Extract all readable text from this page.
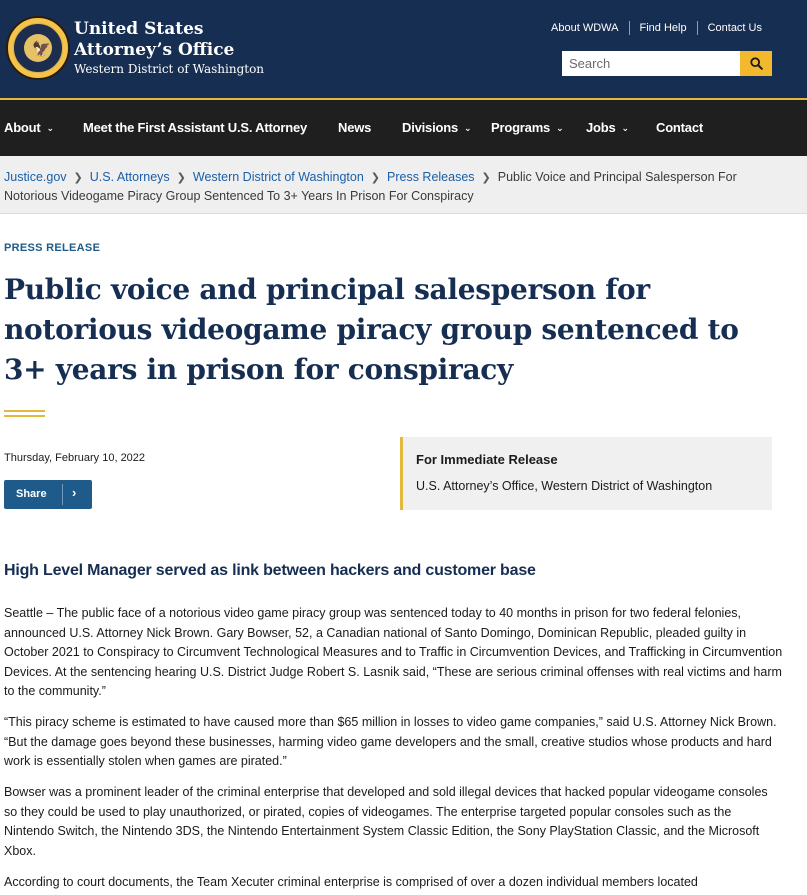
🦅
United States
Attorney’s Office
Western District of Washington
About WDWA	Find Help	Contact Us
Search
About ⌄ Meet the First Assistant U.S. Attorney News Divisions ⌄ Programs ⌄ Jobs ⌄ Contact
Justice.gov ❯ U.S. Attorneys ❯ Western District of Washington ❯ Press Releases ❯ Public Voice and Principal Salesperson For
Notorious Videogame Piracy Group Sentenced To 3+ Years In Prison For Conspiracy
PRESS RELEASE
Public voice and principal salesperson for notorious videogame piracy group sentenced to 3+ years in prison for conspiracy
Thursday, February 10, 2022
Share ›
For Immediate Release
U.S. Attorney’s Office, Western District of Washington
High Level Manager served as link between hackers and customer base

Seattle – The public face of a notorious video game piracy group was sentenced today to 40 months in prison for two federal felonies, announced U.S. Attorney Nick Brown. Gary Bowser, 52, a Canadian national of Santo Domingo, Dominican Republic, pleaded guilty in October 2021 to Conspiracy to Circumvent Technological Measures and to Traffic in Circumvention Devices, and Trafficking in Circumvention Devices. At the sentencing hearing U.S. District Judge Robert S. Lasnik said, “These are serious criminal offenses with real victims and harm to the community.”

“This piracy scheme is estimated to have caused more than $65 million in losses to video game companies,” said U.S. Attorney Nick Brown. “But the damage goes beyond these businesses, harming video game developers and the small, creative studios whose products and hard work is essentially stolen when games are pirated.”

Bowser was a prominent leader of the criminal enterprise that developed and sold illegal devices that hacked popular videogame consoles so they could be used to play unauthorized, or pirated, copies of videogames. The enterprise targeted popular consoles such as the Nintendo Switch, the Nintendo 3DS, the Nintendo Entertainment System Classic Edition, the Sony PlayStation Classic, and the Microsoft Xbox.

According to court documents, the Team Xecuter criminal enterprise is comprised of over a dozen individual members located
